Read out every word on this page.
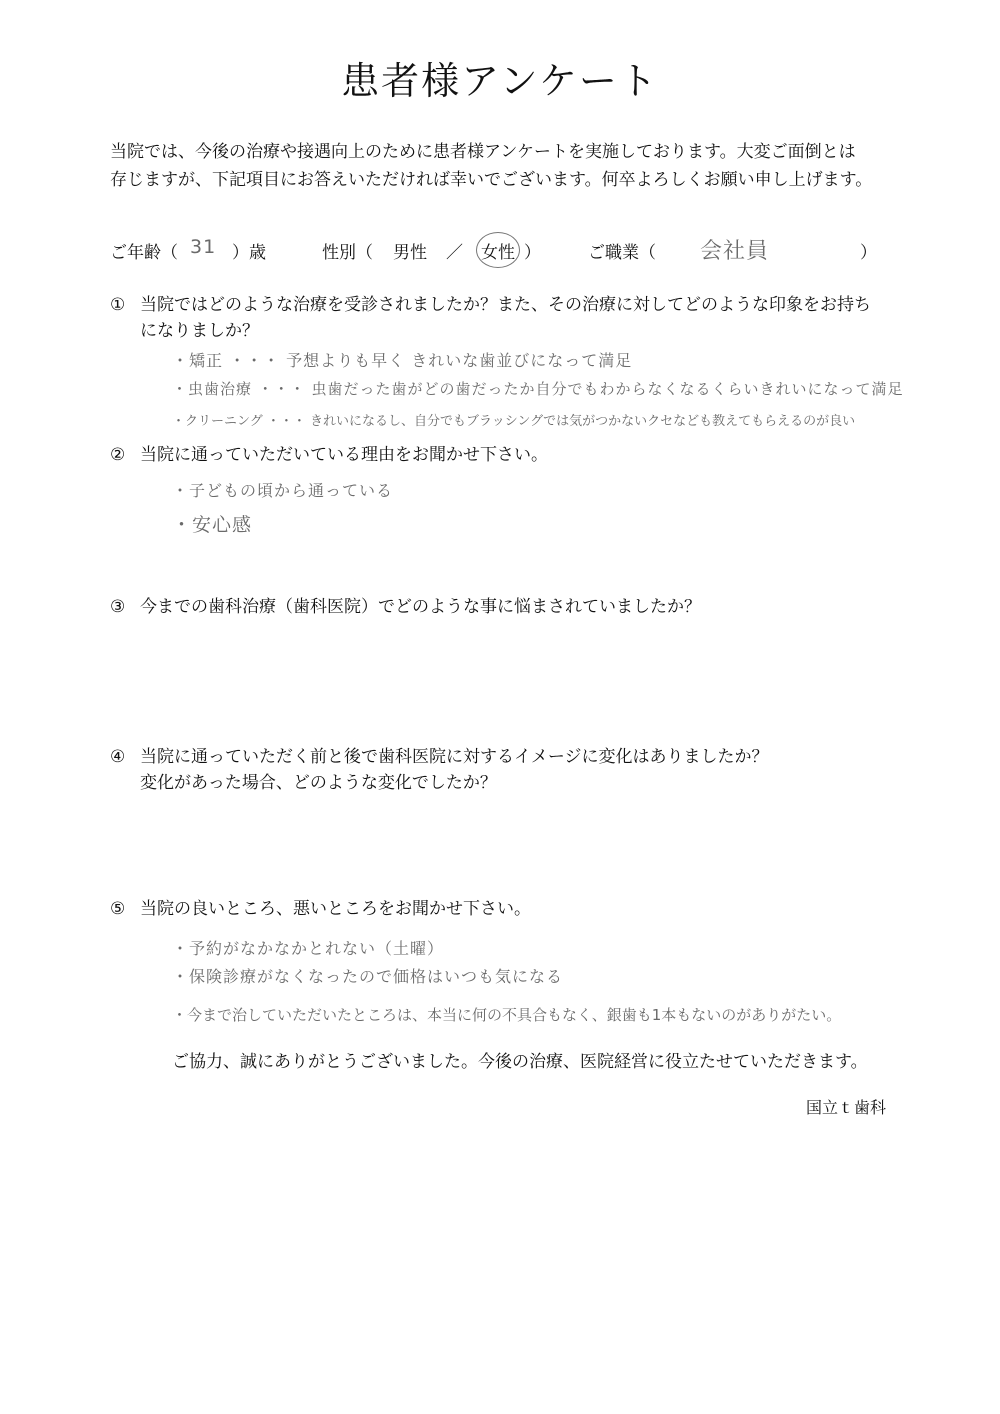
患者様アンケート
当院では、今後の治療や接遇向上のために患者様アンケートを実施しております。大変ご面倒とは
存じますが、下記項目にお答えいただければ幸いでございます。何卒よろしくお願い申し上げます。
ご年齢（ 31 ）歳	性別（ 男性 ／ 女性 ）	ご職業（ 会社員	）
① 当院ではどのような治療を受診されましたか？また、その治療に対してどのような印象をお持ち
になりましか？
・矯正 ・・・ 予想よりも早く きれいな歯並びになって満足
・虫歯治療 ・・・ 虫歯だった歯がどの歯だったか自分でもわからなくなるくらいきれいになって満足
・クリーニング ・・・ きれいになるし、自分でもブラッシングでは気がつかないクセなども教えてもらえるのが良い
② 当院に通っていただいている理由をお聞かせ下さい。
・子どもの頃から通っている
・安心感
③ 今までの歯科治療（歯科医院）でどのような事に悩まされていましたか？
④ 当院に通っていただく前と後で歯科医院に対するイメージに変化はありましたか？
変化があった場合、どのような変化でしたか？
⑤ 当院の良いところ、悪いところをお聞かせ下さい。
・予約がなかなかとれない（土曜）
・保険診療がなくなったので価格はいつも気になる
・今まで治していただいたところは、本当に何の不具合もなく、銀歯も1本もないのがありがたい。
ご協力、誠にありがとうございました。今後の治療、医院経営に役立たせていただきます。
国立ｔ歯科
